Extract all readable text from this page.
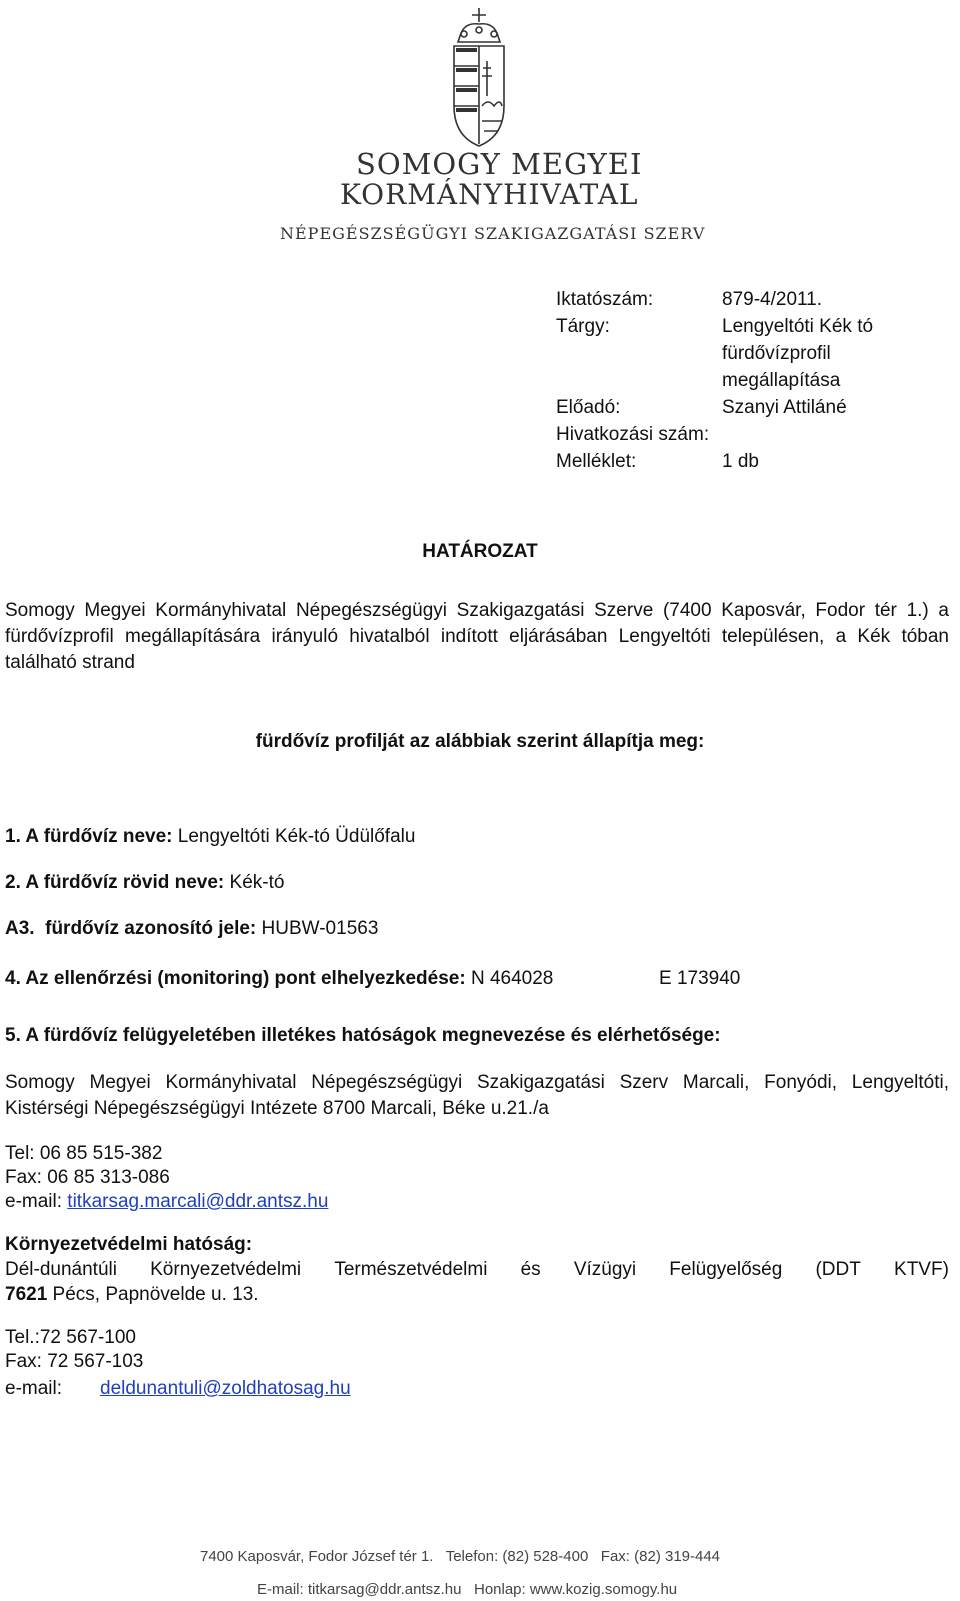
SOMOGY MEGYEI
KORMÁNYHIVATAL
NÉPEGÉSZSÉGÜGYI SZAKIGAZGATÁSI SZERV
Iktatószám:	879-4/2011.
Tárgy:	Lengyeltóti Kék tó
fürdővízprofil
megállapítása
Előadó:	Szanyi Attiláné
Hivatkozási szám:
Melléklet:	1 db
HATÁROZAT
Somogy Megyei Kormányhivatal Népegészségügyi Szakigazgatási Szerve (7400 Kaposvár, Fodor tér 1.) a fürdővízprofil megállapítására irányuló hivatalból indított eljárásában Lengyeltóti településen, a Kék tóban található strand
fürdővíz profilját az alábbiak szerint állapítja meg:
1. A fürdővíz neve: Lengyeltóti Kék-tó Üdülőfalu
2. A fürdővíz rövid neve: Kék-tó
A3.  fürdővíz azonosító jele: HUBW-01563
4. Az ellenőrzési (monitoring) pont elhelyezkedése: N 464028	E 173940
5. A fürdővíz felügyeletében illetékes hatóságok megnevezése és elérhetősége:
Somogy Megyei Kormányhivatal Népegészségügyi Szakigazgatási Szerv Marcali, Fonyódi, Lengyeltóti, Kistérségi Népegészségügyi Intézete 8700 Marcali, Béke u.21./a
Tel: 06 85 515-382
Fax: 06 85 313-086
e-mail: titkarsag.marcali@ddr.antsz.hu
Környezetvédelmi hatóság:
Dél-dunántúli Környezetvédelmi Természetvédelmi és Vízügyi Felügyelőség (DDT KTVF)
7621 Pécs, Papnövelde u. 13.
Tel.:72 567-100
Fax: 72 567-103
e-mail: deldunantuli@zoldhatosag.hu
7400 Kaposvár, Fodor József tér 1.   Telefon: (82) 528-400   Fax: (82) 319-444
E-mail: titkarsag@ddr.antsz.hu   Honlap: www.kozig.somogy.hu
